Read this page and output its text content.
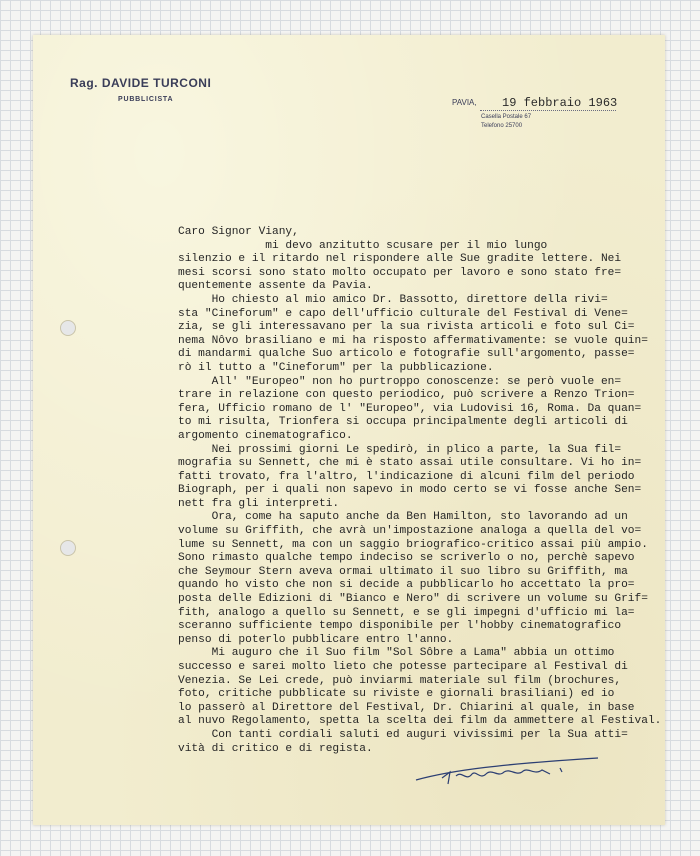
Rag. DAVIDE TURCONI
PUBBLICISTA	PAVIA, 19 febbraio 1963
Casella Postale 67
Telefono 25700
Caro Signor Viany,
mi devo anzitutto scusare per il mio lungo
silenzio e il ritardo nel rispondere alle Sue gradite lettere. Nei
mesi scorsi sono stato molto occupato per lavoro e sono stato fre=
quentemente assente da Pavia.
Ho chiesto al mio amico Dr. Bassotto, direttore della rivi=
sta "Cineforum" e capo dell'ufficio culturale del Festival di Vene=
zia, se gli interessavano per la sua rivista articoli e foto sul Ci=
nema Nôvo brasiliano e mi ha risposto affermativamente: se vuole quin=
di mandarmi qualche Suo articolo e fotografie sull'argomento, passe=
rò il tutto a "Cineforum" per la pubblicazione.
All' "Europeo" non ho purtroppo conoscenze: se però vuole en=
trare in relazione con questo periodico, può scrivere a Renzo Trion=
fera, Ufficio romano de l' "Europeo", via Ludovisi 16, Roma. Da quan=
to mi risulta, Trionfera si occupa principalmente degli articoli di
argomento cinematografico.
Nei prossimi giorni Le spedirò, in plico a parte, la Sua fil=
mografia su Sennett, che mi è stato assai utile consultare. Vi ho in=
fatti trovato, fra l'altro, l'indicazione di alcuni film del periodo
Biograph, per i quali non sapevo in modo certo se vi fosse anche Sen=
nett fra gli interpreti.
Ora, come ha saputo anche da Ben Hamilton, sto lavorando ad un
volume su Griffith, che avrà un'impostazione analoga a quella del vo=
lume su Sennett, ma con un saggio briografico-critico assai più ampio.
Sono rimasto qualche tempo indeciso se scriverlo o no, perchè sapevo
che Seymour Stern aveva ormai ultimato il suo libro su Griffith, ma
quando ho visto che non si decide a pubblicarlo ho accettato la pro=
posta delle Edizioni di "Bianco e Nero" di scrivere un volume su Grif=
fith, analogo a quello su Sennett, e se gli impegni d'ufficio mi la=
sceranno sufficiente tempo disponibile per l'hobby cinematografico
penso di poterlo pubblicare entro l'anno.
Mi auguro che il Suo film "Sol Sôbre a Lama" abbia un ottimo
successo e sarei molto lieto che potesse partecipare al Festival di
Venezia. Se Lei crede, può inviarmi materiale sul film (brochures,
foto, critiche pubblicate su riviste e giornali brasiliani) ed io
lo passerò al Direttore del Festival, Dr. Chiarini al quale, in base
al nuvo Regolamento, spetta la scelta dei film da ammettere al Festival.
Con tanti cordiali saluti ed auguri vivissimi per la Sua atti=
vità di critico e di regista.
